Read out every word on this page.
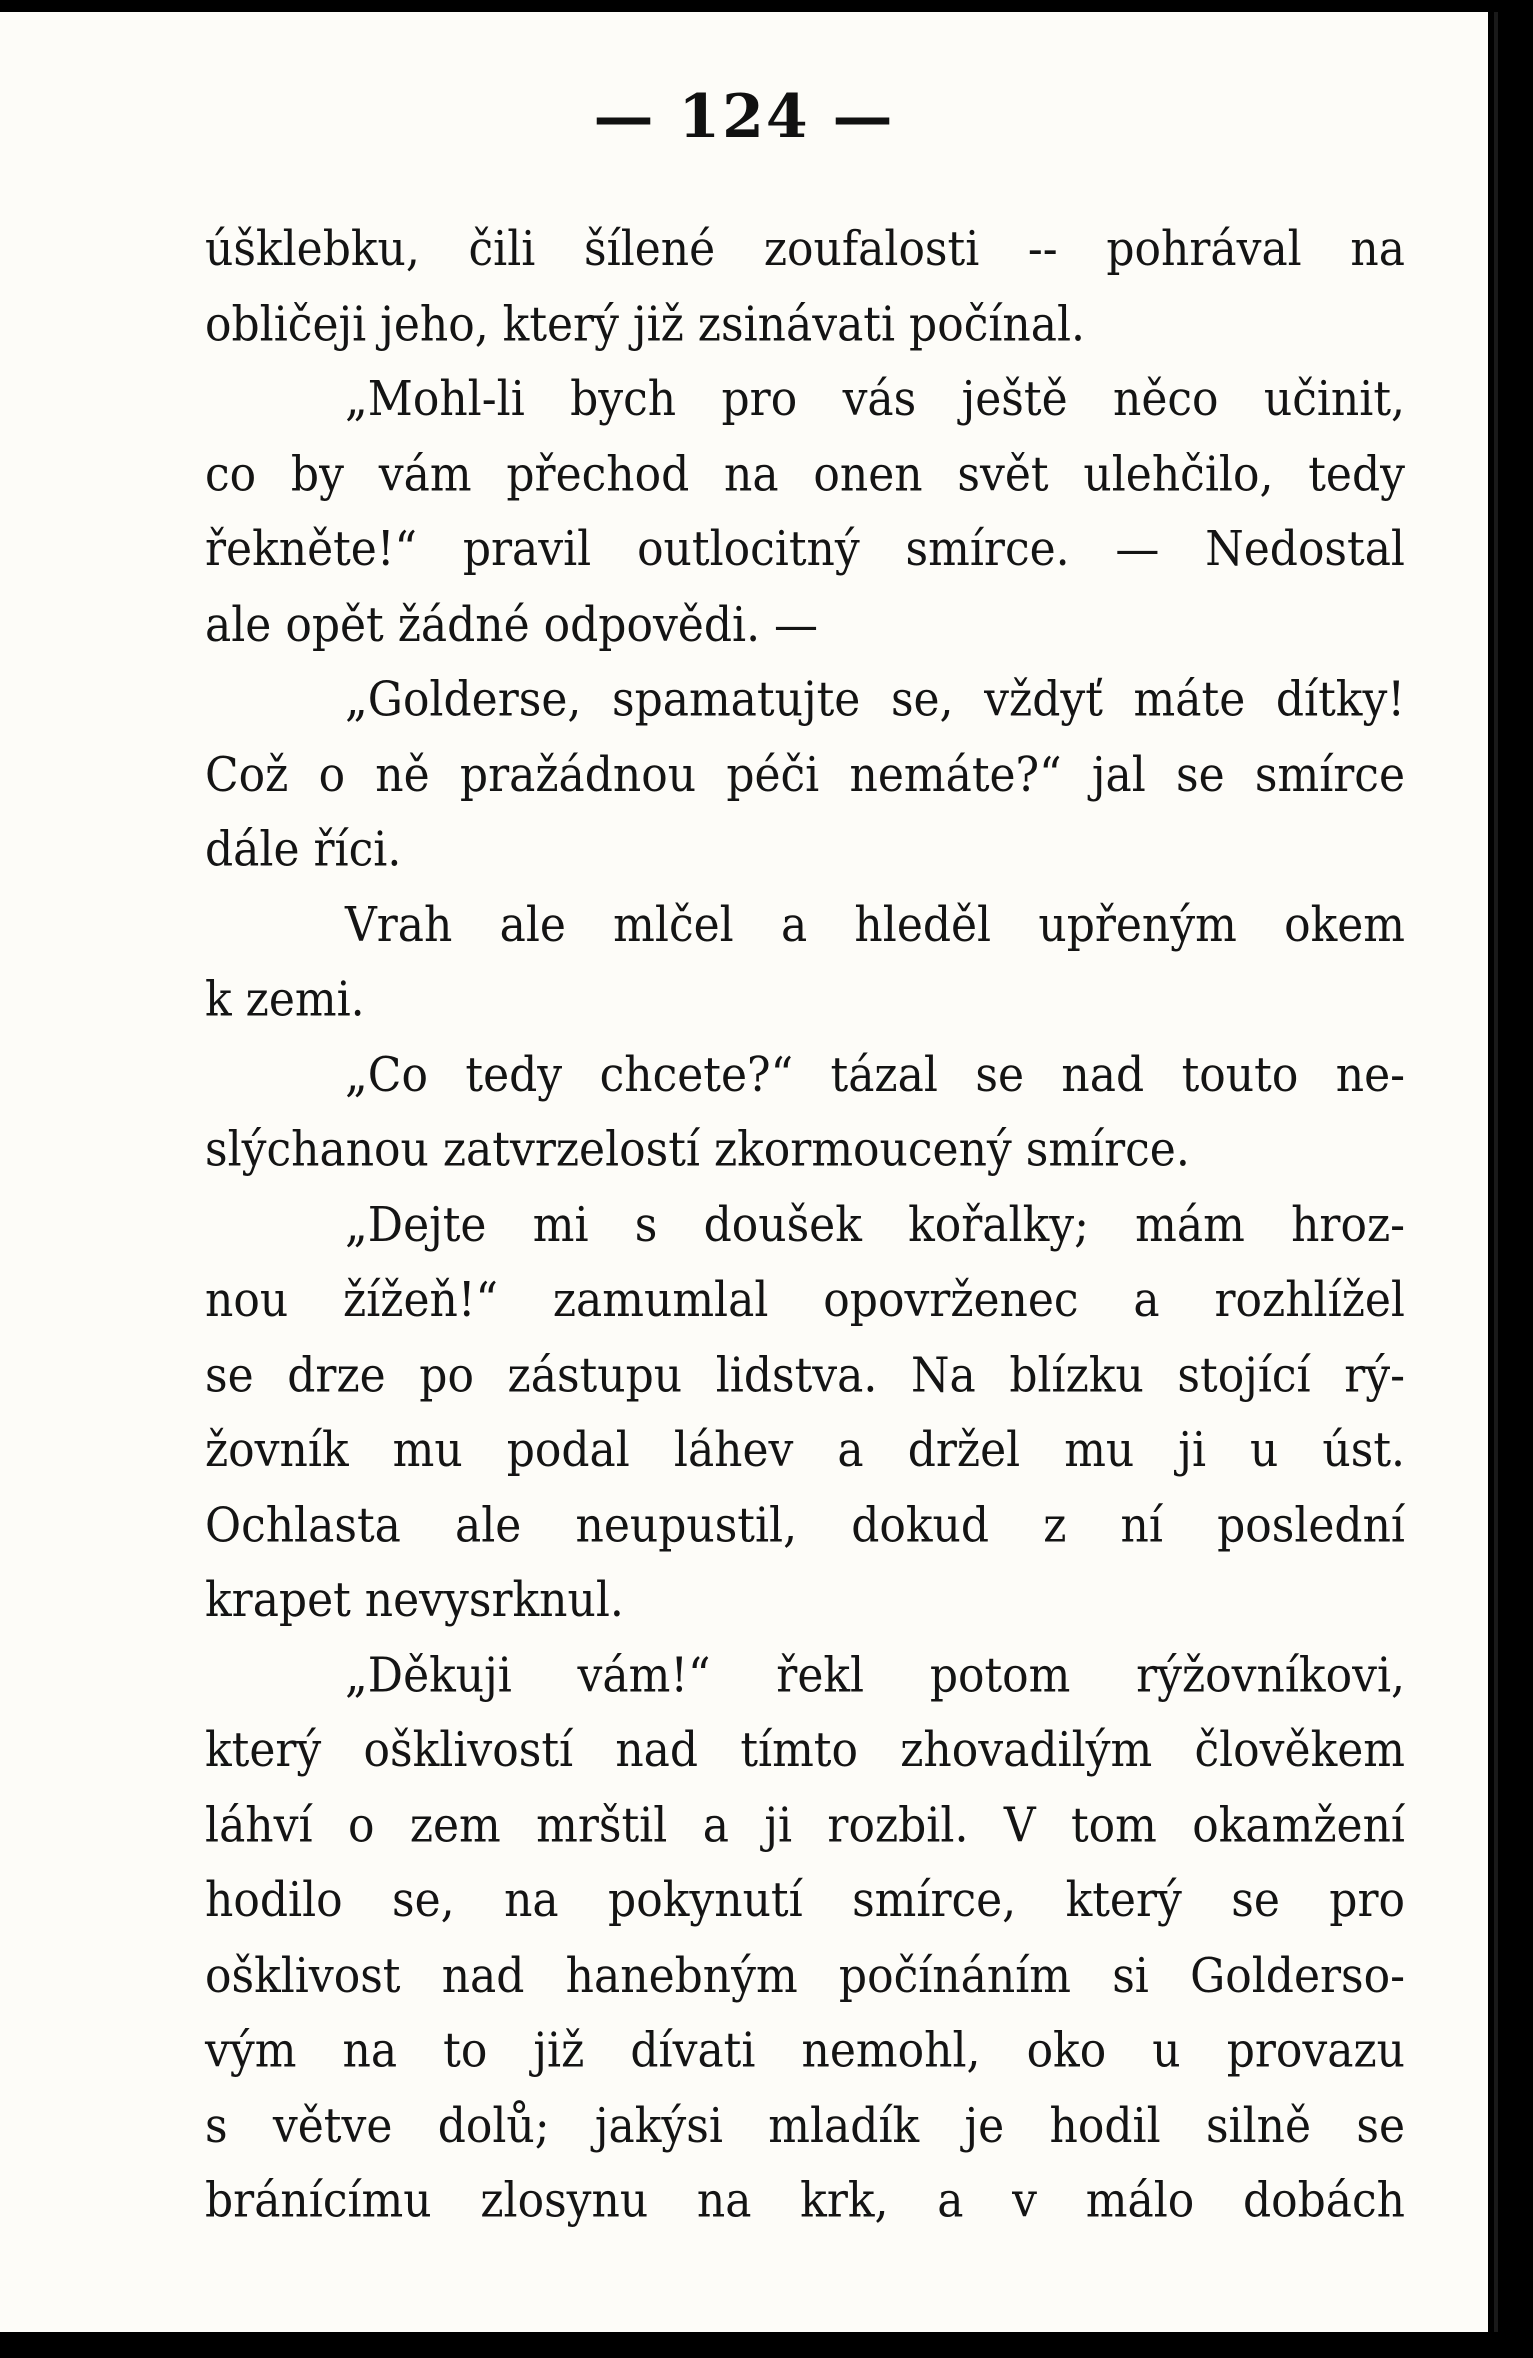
— 124 —
úšklebku, čili šílené zoufalosti -- pohrával na
obličeji jeho, který již zsinávati počínal.
„Mohl-li bych pro vás ještě něco učinit,
co by vám přechod na onen svět ulehčilo, tedy
řekněte!“ pravil outlocitný smírce. — Nedostal
ale opět žádné odpovědi. —
„Golderse, spamatujte se, vždyť máte dítky!
Což o ně pražádnou péči nemáte?“ jal se smírce
dále říci.
Vrah ale mlčel a hleděl upřeným okem
k zemi.
„Co tedy chcete?“ tázal se nad touto ne-
slýchanou zatvrzelostí zkormoucený smírce.
„Dejte mi s doušek kořalky; mám hroz-
nou žížeň!“ zamumlal opovrženec a rozhlížel
se drze po zástupu lidstva. Na blízku stojící rý-
žovník mu podal láhev a držel mu ji u úst.
Ochlasta ale neupustil, dokud z ní poslední
krapet nevysrknul.
„Děkuji vám!“ řekl potom rýžovníkovi,
který ošklivostí nad tímto zhovadilým člověkem
láhví o zem mrštil a ji rozbil. V tom okamžení
hodilo se, na pokynutí smírce, který se pro
ošklivost nad hanebným počínáním si Golderso-
vým na to již dívati nemohl, oko u provazu
s větve dolů; jakýsi mladík je hodil silně se
bránícímu zlosynu na krk, a v málo dobách
